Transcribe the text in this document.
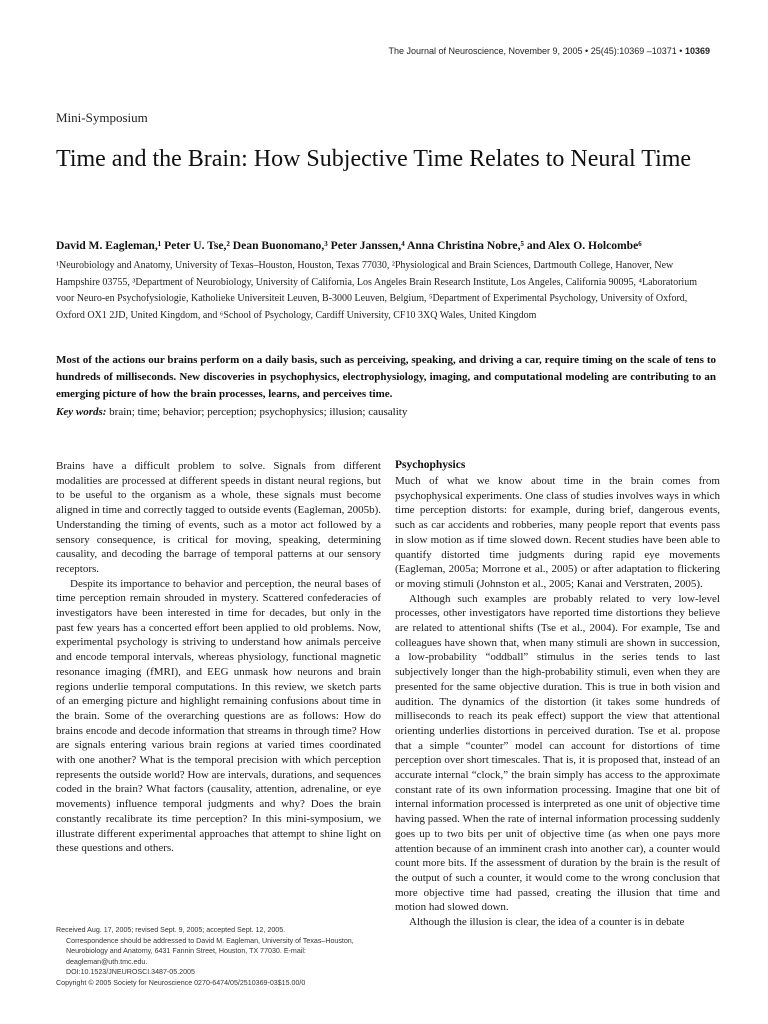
The Journal of Neuroscience, November 9, 2005 • 25(45):10369 –10371 • 10369
Mini-Symposium
Time and the Brain: How Subjective Time Relates to Neural Time
David M. Eagleman,¹ Peter U. Tse,² Dean Buonomano,³ Peter Janssen,⁴ Anna Christina Nobre,⁵ and Alex O. Holcombe⁶
¹Neurobiology and Anatomy, University of Texas–Houston, Houston, Texas 77030, ²Physiological and Brain Sciences, Dartmouth College, Hanover, New Hampshire 03755, ³Department of Neurobiology, University of California, Los Angeles Brain Research Institute, Los Angeles, California 90095, ⁴Laboratorium voor Neuro-en Psychofysiologie, Katholieke Universiteit Leuven, B-3000 Leuven, Belgium, ⁵Department of Experimental Psychology, University of Oxford, Oxford OX1 2JD, United Kingdom, and ⁶School of Psychology, Cardiff University, CF10 3XQ Wales, United Kingdom

Most of the actions our brains perform on a daily basis, such as perceiving, speaking, and driving a car, require timing on the scale of tens to hundreds of milliseconds. New discoveries in psychophysics, electrophysiology, imaging, and computational modeling are contributing to an emerging picture of how the brain processes, learns, and perceives time.

Key words: brain; time; behavior; perception; psychophysics; illusion; causality

Brains have a difficult problem to solve. Signals from different modalities are processed at different speeds in distant neural regions, but to be useful to the organism as a whole, these signals must become aligned in time and correctly tagged to outside events (Eagleman, 2005b). Understanding the timing of events, such as a motor act followed by a sensory consequence, is critical for moving, speaking, determining causality, and decoding the barrage of temporal patterns at our sensory receptors.

Despite its importance to behavior and perception, the neural bases of time perception remain shrouded in mystery. Scattered confederacies of investigators have been interested in time for decades, but only in the past few years has a concerted effort been applied to old problems. Now, experimental psychology is striving to understand how animals perceive and encode temporal intervals, whereas physiology, functional magnetic resonance imaging (fMRI), and EEG unmask how neurons and brain regions underlie temporal computations. In this review, we sketch parts of an emerging picture and highlight remaining confusions about time in the brain. Some of the overarching questions are as follows: How do brains encode and decode information that streams in through time? How are signals entering various brain regions at varied times coordinated with one another? What is the temporal precision with which perception represents the outside world? How are intervals, durations, and sequences coded in the brain? What factors (causality, attention, adrenaline, or eye movements) influence temporal judgments and why? Does the brain constantly recalibrate its time perception? In this mini-symposium, we illustrate different experimental approaches that attempt to shine light on these questions and others.

Received Aug. 17, 2005; revised Sept. 9, 2005; accepted Sept. 12, 2005.
Correspondence should be addressed to David M. Eagleman, University of Texas–Houston, Neurobiology and Anatomy, 6431 Fannin Street, Houston, TX 77030. E-mail: deagleman@uth.tmc.edu.
DOI:10.1523/JNEUROSCI.3487-05.2005
Copyright © 2005 Society for Neuroscience 0270-6474/05/2510369-03$15.00/0
Psychophysics

Much of what we know about time in the brain comes from psychophysical experiments. One class of studies involves ways in which time perception distorts: for example, during brief, dangerous events, such as car accidents and robberies, many people report that events pass in slow motion as if time slowed down. Recent studies have been able to quantify distorted time judgments during rapid eye movements (Eagleman, 2005a; Morrone et al., 2005) or after adaptation to flickering or moving stimuli (Johnston et al., 2005; Kanai and Verstraten, 2005).

Although such examples are probably related to very low-level processes, other investigators have reported time distortions they believe are related to attentional shifts (Tse et al., 2004). For example, Tse and colleagues have shown that, when many stimuli are shown in succession, a low-probability “oddball” stimulus in the series tends to last subjectively longer than the high-probability stimuli, even when they are presented for the same objective duration. This is true in both vision and audition. The dynamics of the distortion (it takes some hundreds of milliseconds to reach its peak effect) support the view that attentional orienting underlies distortions in perceived duration. Tse et al. propose that a simple “counter” model can account for distortions of time perception over short timescales. That is, it is proposed that, instead of an accurate internal “clock,” the brain simply has access to the approximate constant rate of its own information processing. Imagine that one bit of internal information processed is interpreted as one unit of objective time having passed. When the rate of internal information processing suddenly goes up to two bits per unit of objective time (as when one pays more attention because of an imminent crash into another car), a counter would count more bits. If the assessment of duration by the brain is the result of the output of such a counter, it would come to the wrong conclusion that more objective time had passed, creating the illusion that time and motion had slowed down.

Although the illusion is clear, the idea of a counter is in debate
